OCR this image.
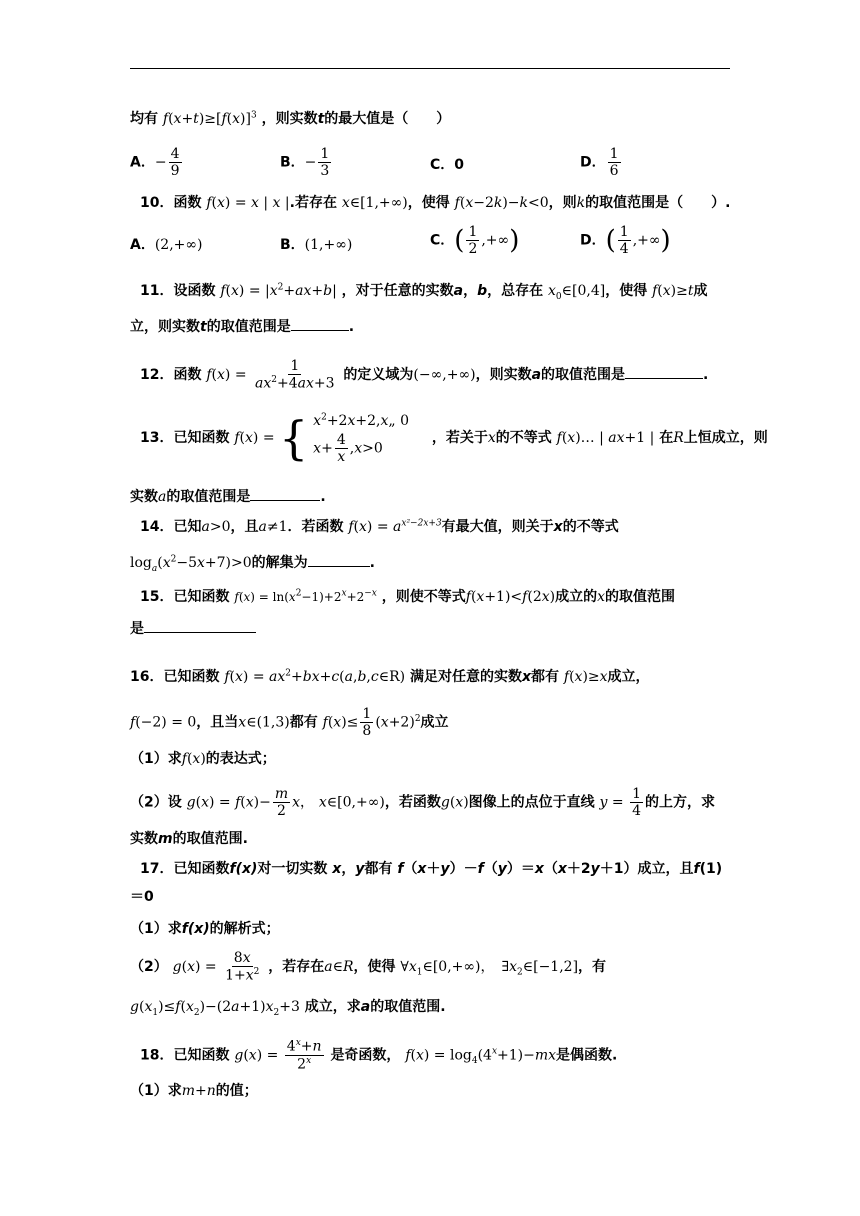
均有 $f(x+t)\ge[f(x)]^3$ ，则实数t的最大值是（　　）
A．− $\frac{4}{9}$	B．− $\frac{1}{3}$	C．0	D． $\frac{1}{6}$
10．函数 f(x) = x | x |.若存在 x∈[1,+∞)，使得 f(x−2k)−k<0，则k的取值范围是（　　）.
A．(2,+∞)	B．(1,+∞)	C．( $\frac{1}{2}$ ,+∞)	D．( $\frac{1}{4}$ ,+∞)
11．设函数 $f(x) = |x^2+ax+b|$ ，对于任意的实数a，b，总存在 $x_0\in[0,4]$，使得 f(x)≥t成
立，则实数t的取值范围是	.
12．函数 $f(x) = \frac{1}{ax^2+4ax+3}$ 的定义域为(−∞,+∞)，则实数a的取值范围是	.
13．已知函数 f(x) = { $x^2+2x+2,x„$ 0
$x+ \frac{4}{x} ,x>0$
，若关于x的不等式 f(x)… | ax+1 | 在R上恒成立，则
实数a的取值范围是	.
14．已知a>0，且a≠1．若函数 $f(x) = a^{x^2-2x+3}$有最大值，则关于x的不等式
$\log_a(x^2-5x+7)>0$的解集为	.
15．已知函数 $f(x) = \ln(x^2-1)+2^x+2^{-x}$ ，则使不等式f(x+1)<f(2x)成立的x的取值范围
是
16．已知函数 $f(x) = ax^2+bx+c(a,b,c\in R)$ 满足对任意的实数x都有 f(x)≥x成立，
f(−2) = 0，且当x∈(1,3)都有 $f(x)\le \frac{1}{8} (x+2)^2$成立
（1）求f(x)的表达式；
（2）设 $g(x) = f(x)- \frac{m}{2}$ x， x∈[0,+∞)，若函数g(x)图像上的点位于直线 $y = \frac{1}{4}$ 的上方，求
实数m的取值范围.
17．已知函数f(x)对一切实数 x，y都有 f（x＋y）－f（y）＝x（x＋2y＋1）成立，且f(1)
＝0
（1）求f(x)的解析式；
（2） $g(x) = \frac{8x}{1+x^2}$ ，若存在a∈R，使得 $\forall x_1\in[0,+\infty)$，　$\exists x_2\in[-1,2]$，有
$g(x_1)\le f(x_2)-(2a+1)x_2+3$ 成立，求a的取值范围.
18．已知函数 $g(x) = \frac{4^x+n}{2^x}$ 是奇函数， $f(x) = \log_4(4^x+1)-mx$是偶函数.
（1）求m+n的值；
